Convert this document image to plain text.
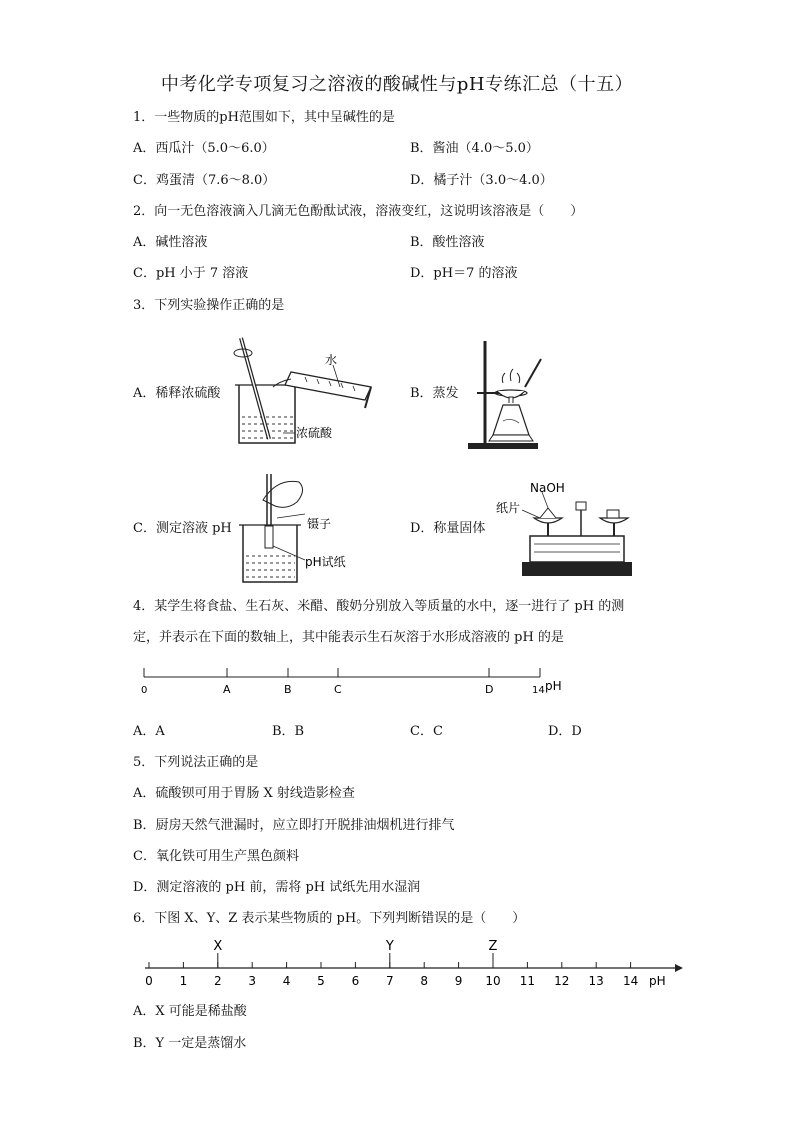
中考化学专项复习之溶液的酸碱性与pH专练汇总（十五）
1．一些物质的pH范围如下，其中呈碱性的是
A．西瓜汁（5.0～6.0）	B．酱油（4.0～5.0）
C．鸡蛋清（7.6～8.0）	D．橘子汁（3.0～4.0）
2．向一无色溶液滴入几滴无色酚酞试液，溶液变红，这说明该溶液是（　　）
A．碱性溶液	B．酸性溶液
C．pH 小于 7 溶液	D．pH＝7 的溶液
3．下列实验操作正确的是
A．稀释浓硫酸	B．蒸发
C．测定溶液 pH	D．称量固体
水
浓硫酸
镊子
pH试纸
NaOH
纸片
4．某学生将食盐、生石灰、米醋、酸奶分别放入等质量的水中，逐一进行了 pH 的测
定，并表示在下面的数轴上，其中能表示生石灰溶于水形成溶液的 pH 的是
0	A	B	C	D	14 pH
A．A	B．B	C．C	D．D
5．下列说法正确的是
A．硫酸钡可用于胃肠 X 射线造影检查
B．厨房天然气泄漏时，应立即打开脱排油烟机进行排气
C．氧化铁可用生产黑色颜料
D．测定溶液的 pH 前，需将 pH 试纸先用水湿润
6．下图 X、Y、Z 表示某些物质的 pH。下列判断错误的是（　　）
pH
0 1 2 3 4 5 6 7 8 9 10 11 12 13 14
X	Y	Z
A．X 可能是稀盐酸
B．Y 一定是蒸馏水
